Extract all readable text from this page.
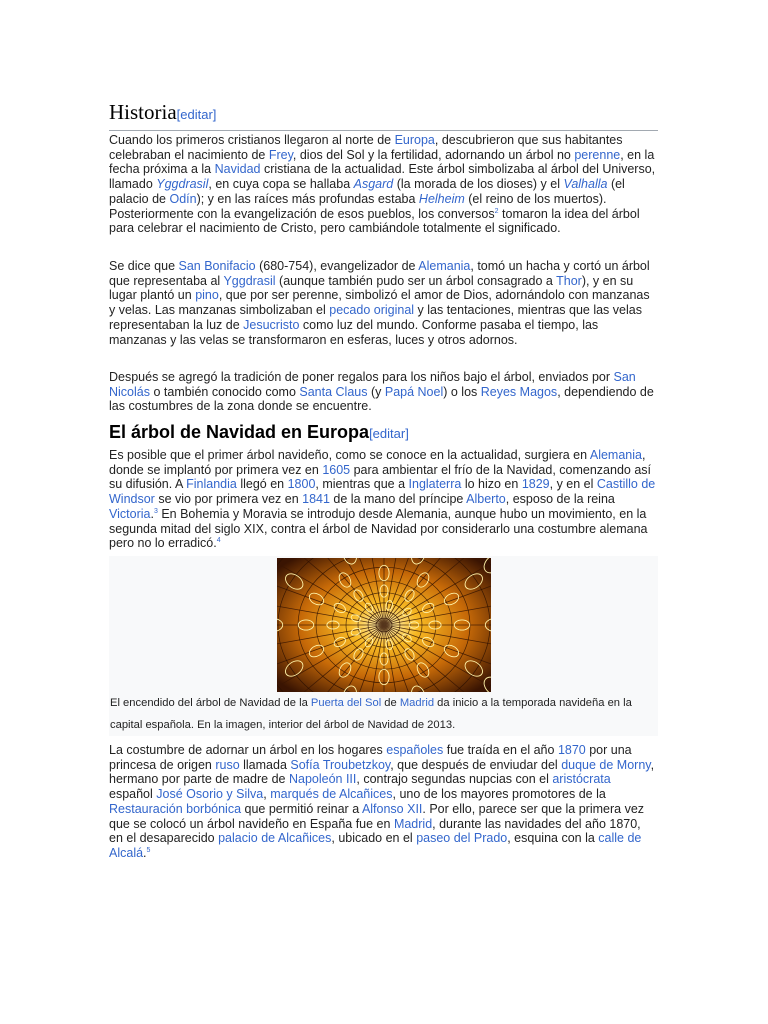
Historia[editar]

Cuando los primeros cristianos llegaron al norte de Europa, descubrieron que sus habitantes celebraban el nacimiento de Frey, dios del Sol y la fertilidad, adornando un árbol no perenne, en la fecha próxima a la Navidad cristiana de la actualidad. Este árbol simbolizaba al árbol del Universo, llamado Yggdrasil, en cuya copa se hallaba Asgard (la morada de los dioses) y el Valhalla (el palacio de Odín); y en las raíces más profundas estaba Helheim (el reino de los muertos). Posteriormente con la evangelización de esos pueblos, los conversos$^2$ tomaron la idea del árbol para celebrar el nacimiento de Cristo, pero cambiándole totalmente el significado.

Se dice que San Bonifacio (680-754), evangelizador de Alemania, tomó un hacha y cortó un árbol que representaba al Yggdrasil (aunque también pudo ser un árbol consagrado a Thor), y en su lugar plantó un pino, que por ser perenne, simbolizó el amor de Dios, adornándolo con manzanas y velas. Las manzanas simbolizaban el pecado original y las tentaciones, mientras que las velas representaban la luz de Jesucristo como luz del mundo. Conforme pasaba el tiempo, las manzanas y las velas se transformaron en esferas, luces y otros adornos.

Después se agregó la tradición de poner regalos para los niños bajo el árbol, enviados por San Nicolás o también conocido como Santa Claus (y Papá Noel) o los Reyes Magos, dependiendo de las costumbres de la zona donde se encuentre.

El árbol de Navidad en Europa[editar]

Es posible que el primer árbol navideño, como se conoce en la actualidad, surgiera en Alemania, donde se implantó por primera vez en 1605 para ambientar el frío de la Navidad, comenzando así su difusión. A Finlandia llegó en 1800, mientras que a Inglaterra lo hizo en 1829, y en el Castillo de Windsor se vio por primera vez en 1841 de la mano del príncipe Alberto, esposo de la reina Victoria.$^3$ En Bohemia y Moravia se introdujo desde Alemania, aunque hubo un movimiento, en la segunda mitad del siglo XIX, contra el árbol de Navidad por considerarlo una costumbre alemana pero no lo erradicó.$^4$

El encendido del árbol de Navidad de la Puerta del Sol de Madrid da inicio a la temporada navideña en la capital española. En la imagen, interior del árbol de Navidad de 2013.

La costumbre de adornar un árbol en los hogares españoles fue traída en el año 1870 por una princesa de origen ruso llamada Sofía Troubetzkoy, que después de enviudar del duque de Morny, hermano por parte de madre de Napoleón III, contrajo segundas nupcias con el aristócrata español José Osorio y Silva, marqués de Alcañices, uno de los mayores promotores de la Restauración borbónica que permitió reinar a Alfonso XII. Por ello, parece ser que la primera vez que se colocó un árbol navideño en España fue en Madrid, durante las navidades del año 1870, en el desaparecido palacio de Alcañices, ubicado en el paseo del Prado, esquina con la calle de Alcalá.$^5$
